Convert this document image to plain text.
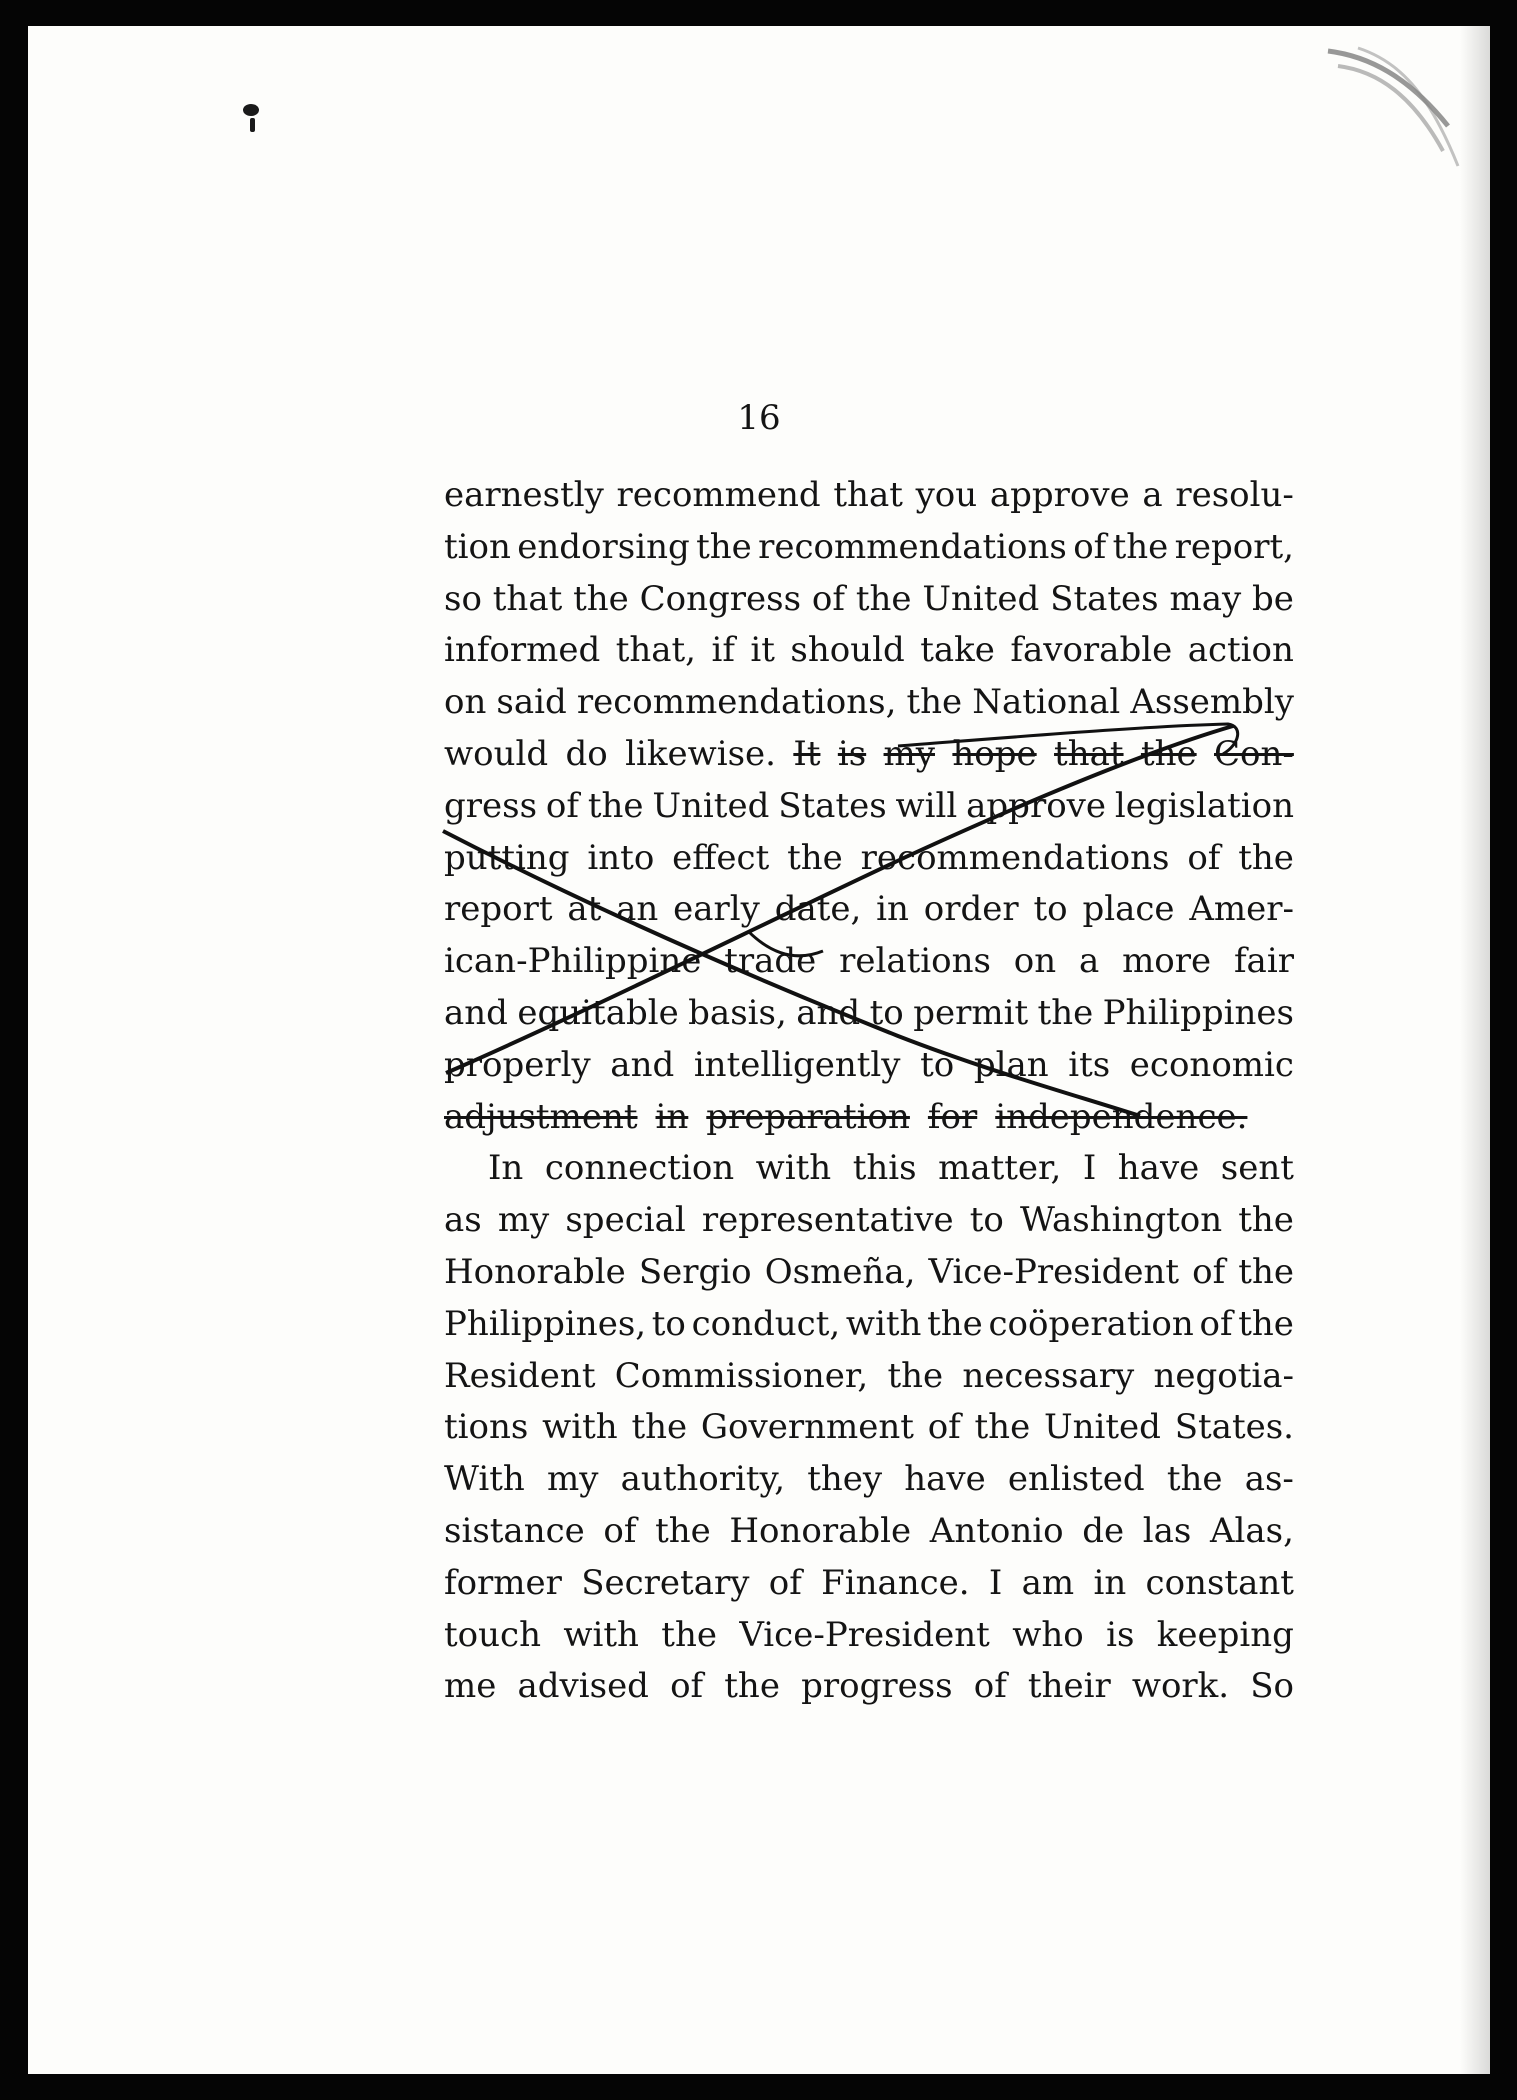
16

earnestly recommend that you approve a resolu-
tion endorsing the recommendations of the report,
so that the Congress of the United States may be
informed that, if it should take favorable action
on said recommendations, the National Assembly
would do likewise. It is my hope that the Con-
gress of the United States will approve legislation
putting into effect the recommendations of the
report at an early date, in order to place Amer-
ican-Philippine trade relations on a more fair
and equitable basis, and to permit the Philippines
properly and intelligently to plan its economic
adjustment in preparation for independence.
In connection with this matter, I have sent
as my special representative to Washington the
Honorable Sergio Osmeña, Vice-President of the
Philippines, to conduct, with the coöperation of the
Resident Commissioner, the necessary negotia-
tions with the Government of the United States.
With my authority, they have enlisted the as-
sistance of the Honorable Antonio de las Alas,
former Secretary of Finance. I am in constant
touch with the Vice-President who is keeping
me advised of the progress of their work. So
